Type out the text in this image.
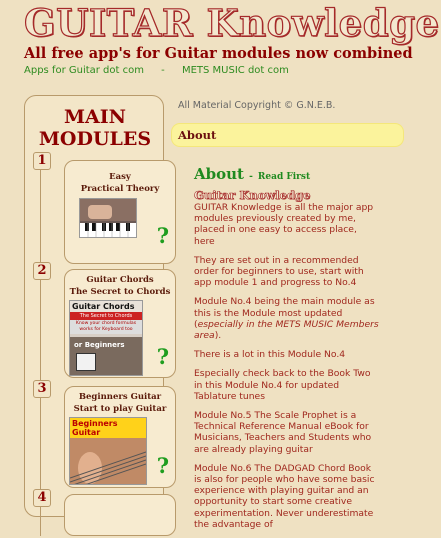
GUITAR Knowledge

All free app's for Guitar modules now combined

Apps for Guitar dot com - METS MUSIC dot com
MAIN
MODULES
1
Easy
Practical Theory
?
2
Guitar Chords
The Secret to Chords
Guitar Chords
The Secret to Chords
Know your chord formulas
works for Keyboard too
or Beginners ?
3
Beginners Guitar
Start to play Guitar
Beginners Guitar
?
4
All Material Copyright © G.N.E.B.
About

About - Read First

Guitar Knowledge

GUITAR Knowledge is all the major app modules previously created by me, placed in one easy to access place, here

They are set out in a recommended order for beginners to use, start with app module 1 and progress to No.4

Module No.4 being the main module as this is the Module most updated (especially in the METS MUSIC Members area).

There is a lot in this Module No.4

Especially check back to the Book Two in this Module No.4 for updated Tablature tunes

Module No.5 The Scale Prophet is a Technical Reference Manual eBook for Musicians, Teachers and Students who are already playing guitar

Module No.6 The DADGAD Chord Book is also for people who have some basic experience with playing guitar and an opportunity to start some creative experimentation. Never underestimate the advantage of
